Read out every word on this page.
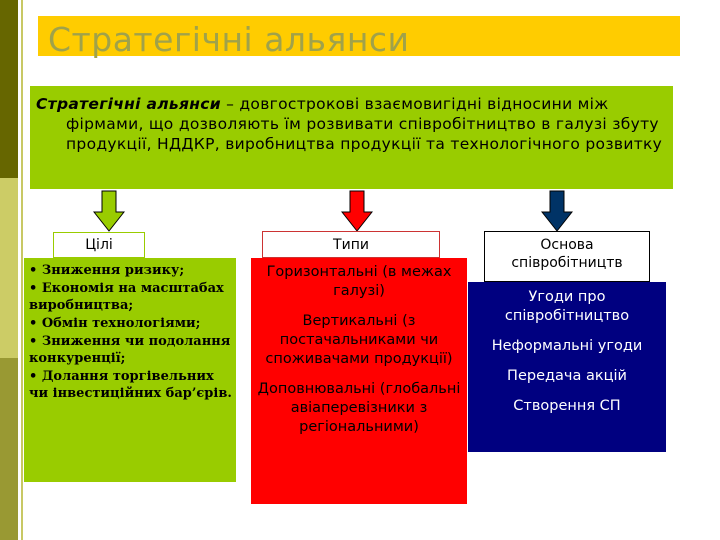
Стратегічні альянси
Стратегічні альянси – довгострокові взаємовигідні відносини між фірмами, що дозволяють їм розвивати співробітництво в галузі збуту продукції, НДДКР, виробництва продукції та технологічного розвитку
Цілі	Типи	Основа співробітництв
• Зниження ризику;
• Економія на масштабах виробництва;
• Обмін технологіями;
• Зниження чи подолання конкуренції;
• Долання торгівельних чи інвестиційних бар’єрів.
Горизонтальні (в межах галузі)
Вертикальні (з постачальниками чи споживачами продукції)
Доповнювальні (глобальні авіаперевізники з регіональними)
Угоди про співробітництво
Неформальні угоди
Передача акцій
Створення СП
